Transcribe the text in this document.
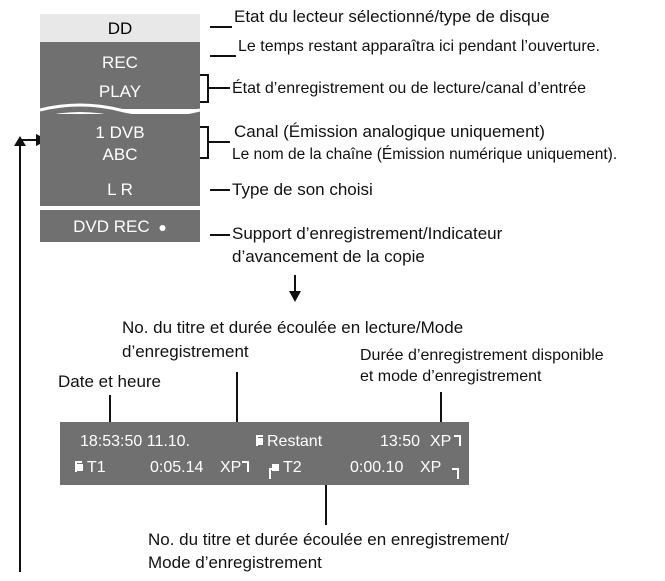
DD
REC
PLAY
1 DVB
ABC
L R
DVD REC ●
Etat du lecteur sélectionné/type de disque
Le temps restant apparaîtra ici pendant l’ouverture.
État d’enregistrement ou de lecture/canal d’entrée
Canal (Émission analogique uniquement)
Le nom de la chaîne (Émission numérique uniquement).
Type de son choisi
Support d’enregistrement/Indicateur
d’avancement de la copie
No. du titre et durée écoulée en lecture/Mode
d’enregistrement	Durée d’enregistrement disponible
et mode d’enregistrement
Date et heure
18:53:50 11.10.	Restant	13:50 XP
T1	0:05.14 XP	T2	0:00.10 XP
No. du titre et durée écoulée en enregistrement/
Mode d’enregistrement
